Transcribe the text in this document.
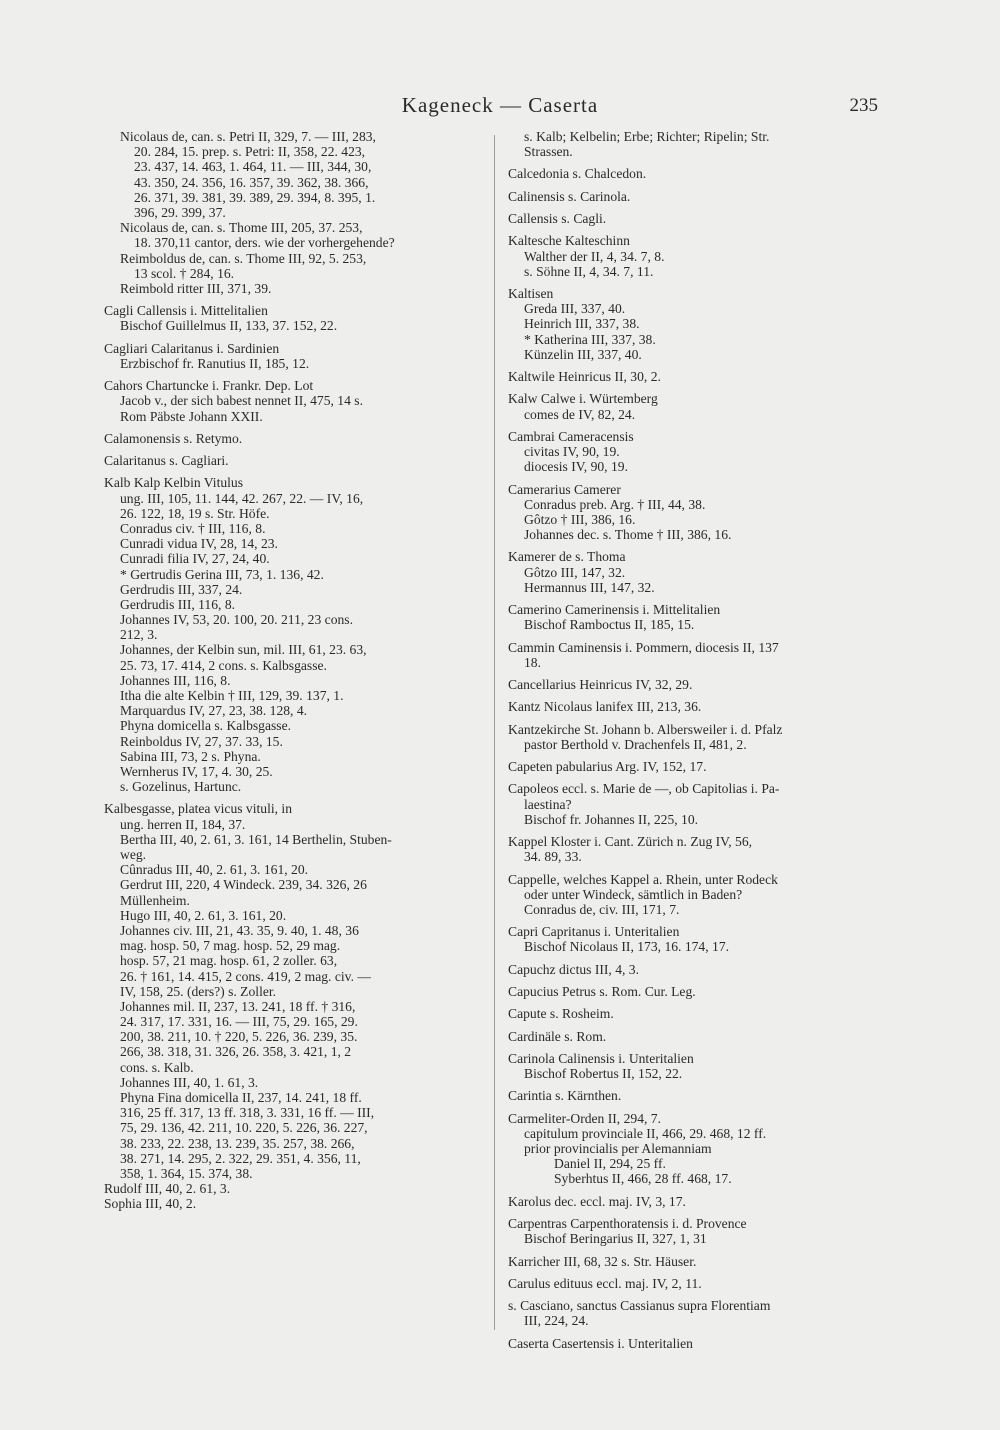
Kageneck — Caserta	235
Nicolaus de, can. s. Petri II, 329, 7. — III, 283,
20. 284, 15. prep. s. Petri: II, 358, 22. 423,
23. 437, 14. 463, 1. 464, 11. — III, 344, 30,
43. 350, 24. 356, 16. 357, 39. 362, 38. 366,
26. 371, 39. 381, 39. 389, 29. 394, 8. 395, 1.
396, 29. 399, 37.
Nicolaus de, can. s. Thome III, 205, 37. 253,
18. 370,11 cantor, ders. wie der vorhergehende?
Reimboldus de, can. s. Thome III, 92, 5. 253,
13 scol. † 284, 16.
Reimbold ritter III, 371, 39.
Cagli Callensis i. Mittelitalien
Bischof Guillelmus II, 133, 37. 152, 22.
Cagliari Calaritanus i. Sardinien
Erzbischof fr. Ranutius II, 185, 12.
Cahors Chartuncke i. Frankr. Dep. Lot
Jacob v., der sich babest nennet II, 475, 14 s.
Rom Päbste Johann XXII.
Calamonensis s. Retymo.
Calaritanus s. Cagliari.
Kalb Kalp Kelbin Vitulus
ung. III, 105, 11. 144, 42. 267, 22. — IV, 16,
26. 122, 18, 19 s. Str. Höfe.
Conradus civ. † III, 116, 8.
Cunradi vidua IV, 28, 14, 23.
Cunradi filia IV, 27, 24, 40.
* Gertrudis Gerina III, 73, 1. 136, 42.
Gerdrudis III, 337, 24.
Gerdrudis III, 116, 8.
Johannes IV, 53, 20. 100, 20. 211, 23 cons.
212, 3.
Johannes, der Kelbin sun, mil. III, 61, 23. 63,
25. 73, 17. 414, 2 cons. s. Kalbsgasse.
Johannes III, 116, 8.
Itha die alte Kelbin † III, 129, 39. 137, 1.
Marquardus IV, 27, 23, 38. 128, 4.
Phyna domicella s. Kalbsgasse.
Reinboldus IV, 27, 37. 33, 15.
Sabina III, 73, 2 s. Phyna.
Wernherus IV, 17, 4. 30, 25.
s. Gozelinus, Hartunc.
Kalbesgasse, platea vicus vituli, in
ung. herren II, 184, 37.
Bertha III, 40, 2. 61, 3. 161, 14 Berthelin, Stuben-
weg.
Cûnradus III, 40, 2. 61, 3. 161, 20.
Gerdrut III, 220, 4 Windeck. 239, 34. 326, 26
Müllenheim.
Hugo III, 40, 2. 61, 3. 161, 20.
Johannes civ. III, 21, 43. 35, 9. 40, 1. 48, 36
mag. hosp. 50, 7 mag. hosp. 52, 29 mag.
hosp. 57, 21 mag. hosp. 61, 2 zoller. 63,
26. † 161, 14. 415, 2 cons. 419, 2 mag. civ. —
IV, 158, 25. (ders?) s. Zoller.
Johannes mil. II, 237, 13. 241, 18 ff. † 316,
24. 317, 17. 331, 16. — III, 75, 29. 165, 29.
200, 38. 211, 10. † 220, 5. 226, 36. 239, 35.
266, 38. 318, 31. 326, 26. 358, 3. 421, 1, 2
cons. s. Kalb.
Johannes III, 40, 1. 61, 3.
Phyna Fina domicella II, 237, 14. 241, 18 ff.
316, 25 ff. 317, 13 ff. 318, 3. 331, 16 ff. — III,
75, 29. 136, 42. 211, 10. 220, 5. 226, 36. 227,
38. 233, 22. 238, 13. 239, 35. 257, 38. 266,
38. 271, 14. 295, 2. 322, 29. 351, 4. 356, 11,
358, 1. 364, 15. 374, 38.
Rudolf III, 40, 2. 61, 3.
Sophia III, 40, 2.
s. Kalb; Kelbelin; Erbe; Richter; Ripelin; Str.
Strassen.
Calcedonia s. Chalcedon.
Calinensis s. Carinola.
Callensis s. Cagli.
Kaltesche Kalteschinn
Walther der II, 4, 34. 7, 8.
s. Söhne II, 4, 34. 7, 11.
Kaltisen
Greda III, 337, 40.
Heinrich III, 337, 38.
* Katherina III, 337, 38.
Künzelin III, 337, 40.
Kaltwile Heinricus II, 30, 2.
Kalw Calwe i. Würtemberg
comes de IV, 82, 24.
Cambrai Cameracensis
civitas IV, 90, 19.
diocesis IV, 90, 19.
Camerarius Camerer
Conradus preb. Arg. † III, 44, 38.
Gôtzo † III, 386, 16.
Johannes dec. s. Thome † III, 386, 16.
Kamerer de s. Thoma
Gôtzo III, 147, 32.
Hermannus III, 147, 32.
Camerino Camerinensis i. Mittelitalien
Bischof Ramboctus II, 185, 15.
Cammin Caminensis i. Pommern, diocesis II, 137
18.
Cancellarius Heinricus IV, 32, 29.
Kantz Nicolaus lanifex III, 213, 36.
Kantzekirche St. Johann b. Albersweiler i. d. Pfalz
pastor Berthold v. Drachenfels II, 481, 2.
Capeten pabularius Arg. IV, 152, 17.
Capoleos eccl. s. Marie de —, ob Capitolias i. Pa-
laestina?
Bischof fr. Johannes II, 225, 10.
Kappel Kloster i. Cant. Zürich n. Zug IV, 56,
34. 89, 33.
Cappelle, welches Kappel a. Rhein, unter Rodeck
oder unter Windeck, sämtlich in Baden?
Conradus de, civ. III, 171, 7.
Capri Capritanus i. Unteritalien
Bischof Nicolaus II, 173, 16. 174, 17.
Capuchz dictus III, 4, 3.
Capucius Petrus s. Rom. Cur. Leg.
Capute s. Rosheim.
Cardinäle s. Rom.
Carinola Calinensis i. Unteritalien
Bischof Robertus II, 152, 22.
Carintia s. Kärnthen.
Carmeliter-Orden II, 294, 7.
capitulum provinciale II, 466, 29. 468, 12 ff.
prior provincialis per Alemanniam
Daniel II, 294, 25 ff.
Syberhtus II, 466, 28 ff. 468, 17.
Karolus dec. eccl. maj. IV, 3, 17.
Carpentras Carpenthoratensis i. d. Provence
Bischof Beringarius II, 327, 1, 31
Karricher III, 68, 32 s. Str. Häuser.
Carulus edituus eccl. maj. IV, 2, 11.
s. Casciano, sanctus Cassianus supra Florentiam
III, 224, 24.
Caserta Casertensis i. Unteritalien
